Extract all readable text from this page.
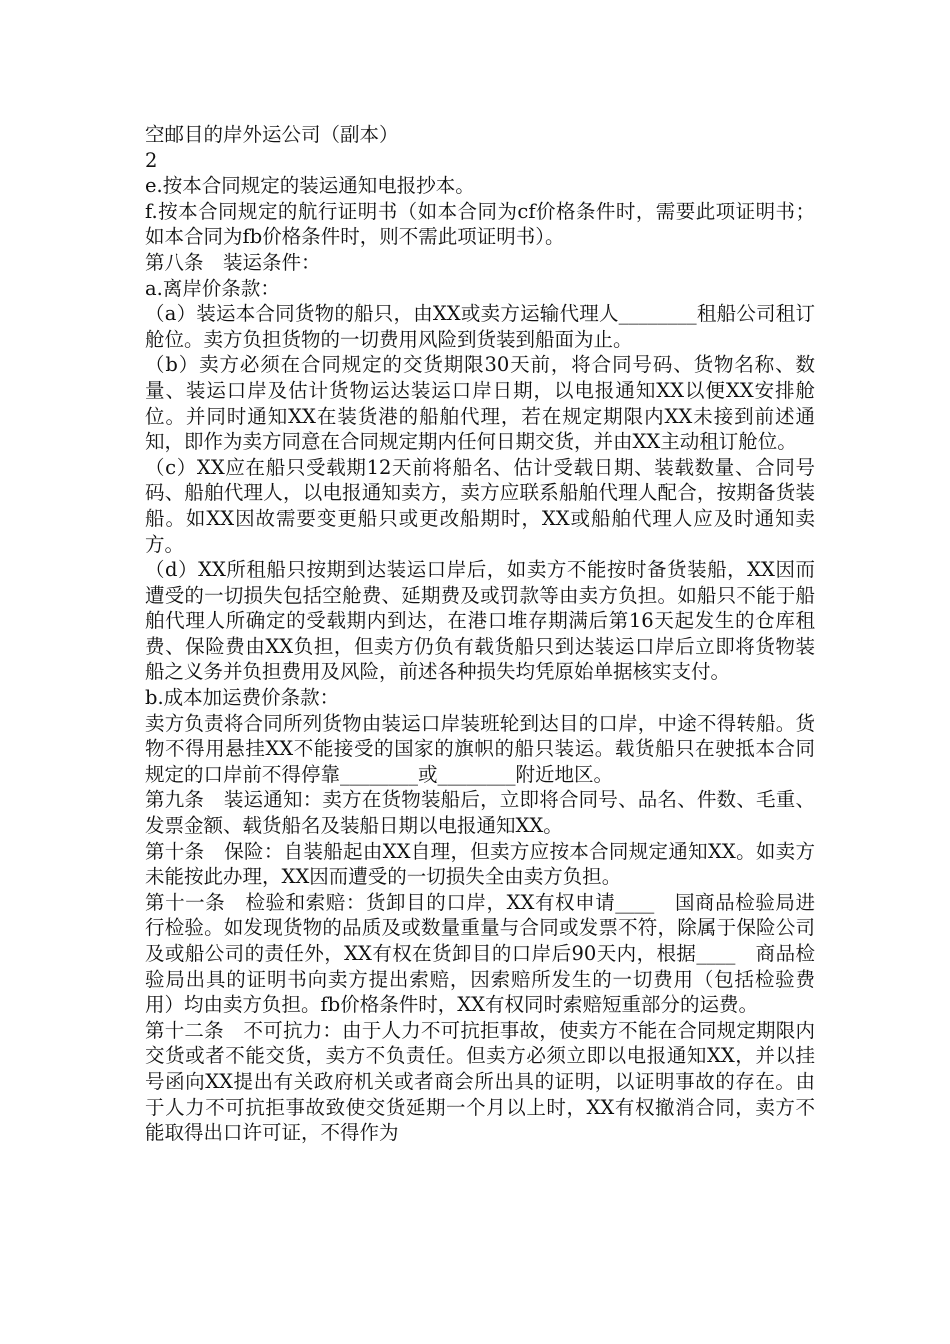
空邮目的岸外运公司（副本）

2

e.按本合同规定的装运通知电报抄本。

f.按本合同规定的航行证明书（如本合同为cf价格条件时，需要此项证明书；如本合同为fb价格条件时，则不需此项证明书）。

第八条　装运条件：

a.离岸价条款：

（a）装运本合同货物的船只，由XX或卖方运输代理人________租船公司租订舱位。卖方负担货物的一切费用风险到货装到船面为止。

（b）卖方必须在合同规定的交货期限30天前，将合同号码、货物名称、数量、装运口岸及估计货物运达装运口岸日期，以电报通知XX以便XX安排舱位。并同时通知XX在装货港的船舶代理，若在规定期限内XX未接到前述通知，即作为卖方同意在合同规定期内任何日期交货，并由XX主动租订舱位。

（c）XX应在船只受载期12天前将船名、估计受载日期、装载数量、合同号码、船舶代理人，以电报通知卖方，卖方应联系船舶代理人配合，按期备货装船。如XX因故需要变更船只或更改船期时，XX或船舶代理人应及时通知卖方。

（d）XX所租船只按期到达装运口岸后，如卖方不能按时备货装船，XX因而遭受的一切损失包括空舱费、延期费及或罚款等由卖方负担。如船只不能于船舶代理人所确定的受载期内到达，在港口堆存期满后第16天起发生的仓库租费、保险费由XX负担，但卖方仍负有载货船只到达装运口岸后立即将货物装船之义务并负担费用及风险，前述各种损失均凭原始单据核实支付。

b.成本加运费价条款：

卖方负责将合同所列货物由装运口岸装班轮到达目的口岸，中途不得转船。货物不得用悬挂XX不能接受的国家的旗帜的船只装运。载货船只在驶抵本合同规定的口岸前不得停靠________或________附近地区。

第九条　装运通知：卖方在货物装船后，立即将合同号、品名、件数、毛重、发票金额、载货船名及装船日期以电报通知XX。

第十条　保险：自装船起由XX自理，但卖方应按本合同规定通知XX。如卖方未能按此办理，XX因而遭受的一切损失全由卖方负担。

第十一条　检验和索赔：货卸目的口岸，XX有权申请____　国商品检验局进行检验。如发现货物的品质及或数量重量与合同或发票不符，除属于保险公司及或船公司的责任外，XX有权在货卸目的口岸后90天内，根据____　商品检验局出具的证明书向卖方提出索赔，因索赔所发生的一切费用（包括检验费用）均由卖方负担。fb价格条件时，XX有权同时索赔短重部分的运费。

第十二条　不可抗力：由于人力不可抗拒事故，使卖方不能在合同规定期限内交货或者不能交货，卖方不负责任。但卖方必须立即以电报通知XX，并以挂号函向XX提出有关政府机关或者商会所出具的证明，以证明事故的存在。由于人力不可抗拒事故致使交货延期一个月以上时，XX有权撤消合同，卖方不能取得出口许可证，不得作为
